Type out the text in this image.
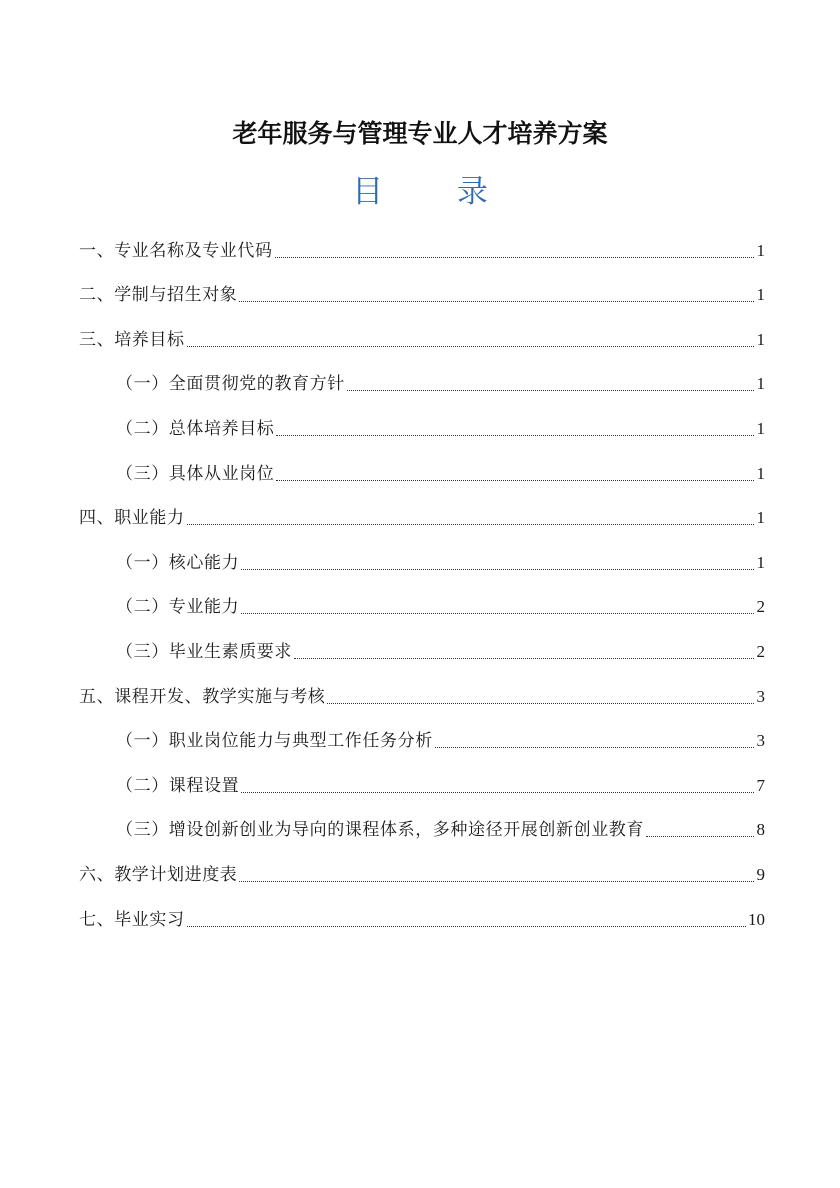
老年服务与管理专业人才培养方案
目 录
一、专业名称及专业代码	1
二、学制与招生对象	1
三、培养目标	1
（一）全面贯彻党的教育方针	1
（二）总体培养目标	1
（三）具体从业岗位	1
四、职业能力	1
（一）核心能力	1
（二）专业能力	2
（三）毕业生素质要求	2
五、课程开发、教学实施与考核	3
（一）职业岗位能力与典型工作任务分析	3
（二）课程设置	7
（三）增设创新创业为导向的课程体系，多种途径开展创新创业教育	8
六、教学计划进度表	9
七、毕业实习	10
